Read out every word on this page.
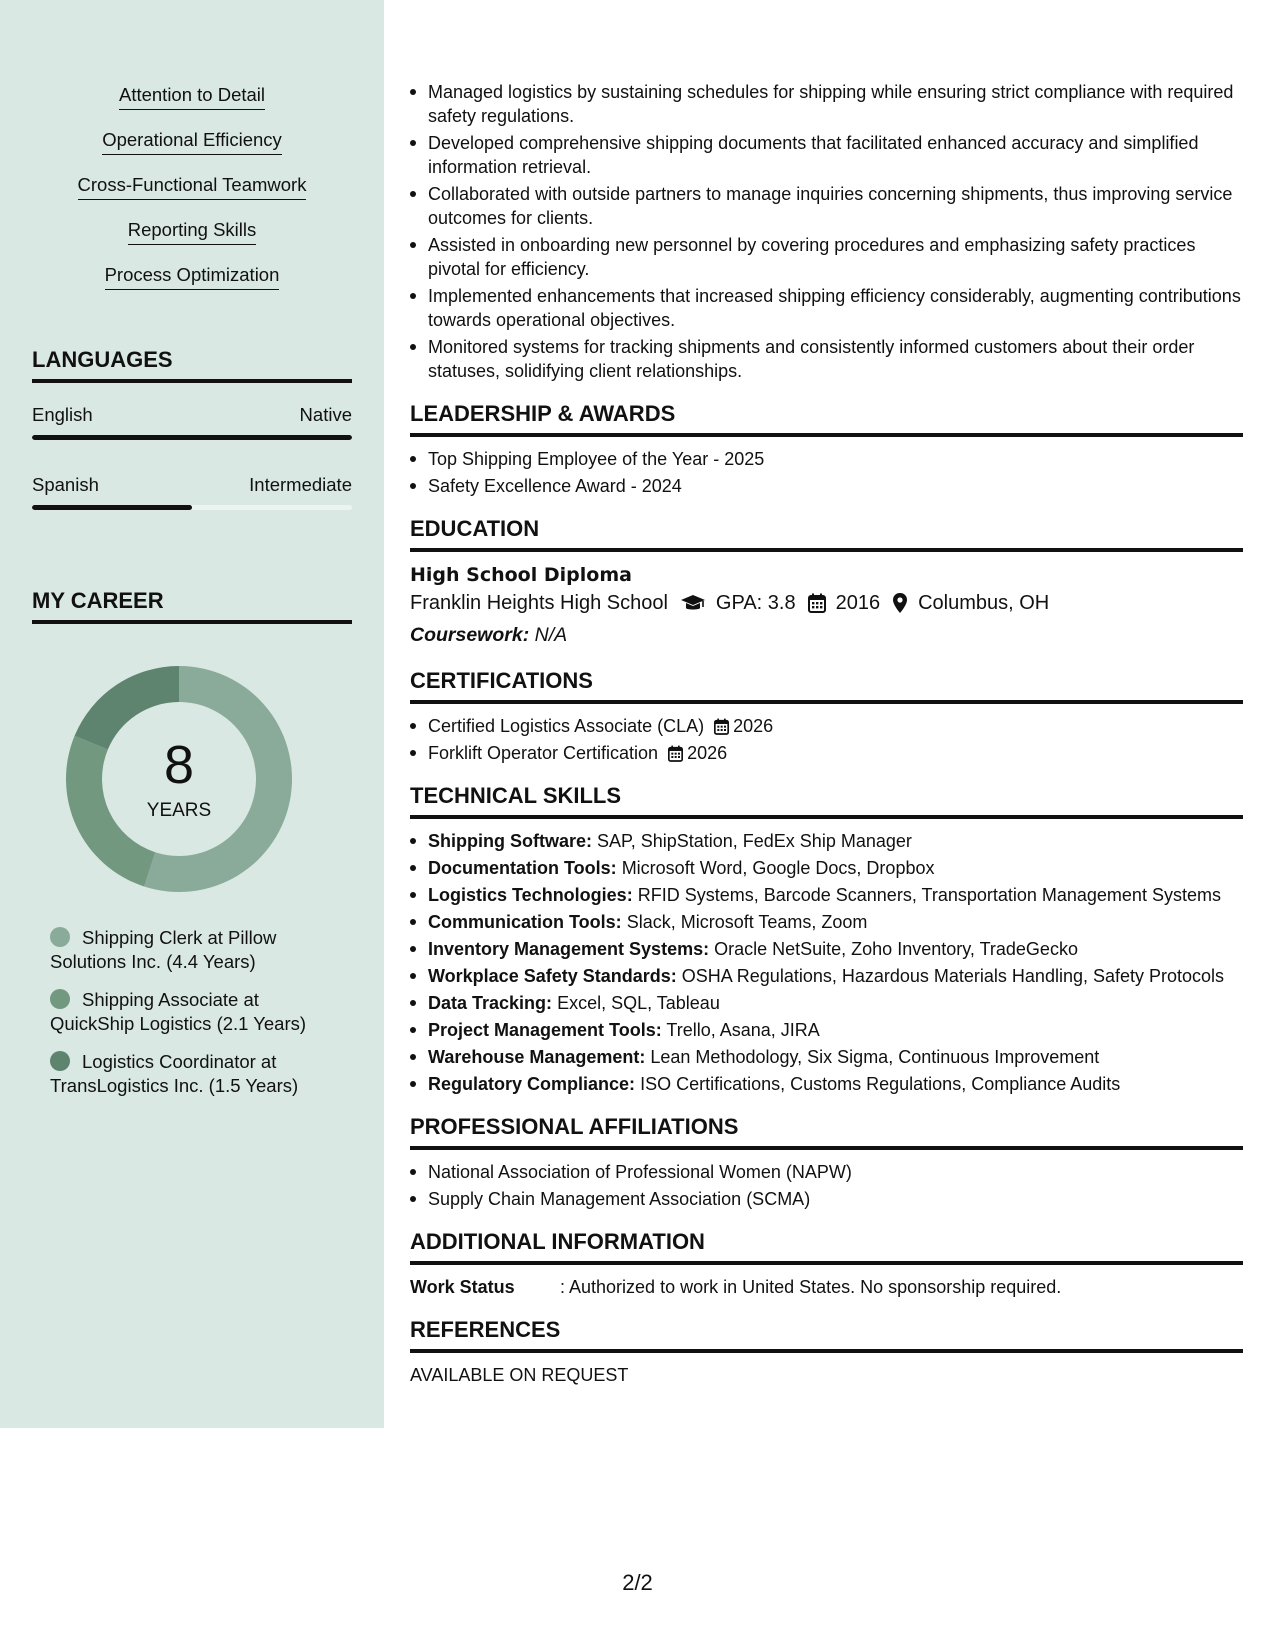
Attention to Detail
Operational Efficiency
Cross-Functional Teamwork
Reporting Skills
Process Optimization
LANGUAGES
English	Native
Spanish	Intermediate
MY CAREER
8
YEARS
Shipping Clerk at Pillow Solutions Inc. (4.4 Years)
Shipping Associate at QuickShip Logistics (2.1 Years)
Logistics Coordinator at TransLogistics Inc. (1.5 Years)
Managed logistics by sustaining schedules for shipping while ensuring strict compliance with required safety regulations.
Developed comprehensive shipping documents that facilitated enhanced accuracy and simplified information retrieval.
Collaborated with outside partners to manage inquiries concerning shipments, thus improving service outcomes for clients.
Assisted in onboarding new personnel by covering procedures and emphasizing safety practices pivotal for efficiency.
Implemented enhancements that increased shipping efficiency considerably, augmenting contributions towards operational objectives.
Monitored systems for tracking shipments and consistently informed customers about their order statuses, solidifying client relationships.
LEADERSHIP & AWARDS
Top Shipping Employee of the Year - 2025
Safety Excellence Award - 2024
EDUCATION
High School Diploma
Franklin Heights High School GPA: 3.8 2016 Columbus, OH
Coursework: N/A
CERTIFICATIONS
Certified Logistics Associate (CLA) 2026
Forklift Operator Certification 2026
TECHNICAL SKILLS
Shipping Software: SAP, ShipStation, FedEx Ship Manager
Documentation Tools: Microsoft Word, Google Docs, Dropbox
Logistics Technologies: RFID Systems, Barcode Scanners, Transportation Management Systems
Communication Tools: Slack, Microsoft Teams, Zoom
Inventory Management Systems: Oracle NetSuite, Zoho Inventory, TradeGecko
Workplace Safety Standards: OSHA Regulations, Hazardous Materials Handling, Safety Protocols
Data Tracking: Excel, SQL, Tableau
Project Management Tools: Trello, Asana, JIRA
Warehouse Management: Lean Methodology, Six Sigma, Continuous Improvement
Regulatory Compliance: ISO Certifications, Customs Regulations, Compliance Audits
PROFESSIONAL AFFILIATIONS
National Association of Professional Women (NAPW)
Supply Chain Management Association (SCMA)
ADDITIONAL INFORMATION
Work Status	: Authorized to work in United States. No sponsorship required.
REFERENCES
AVAILABLE ON REQUEST
2/2
